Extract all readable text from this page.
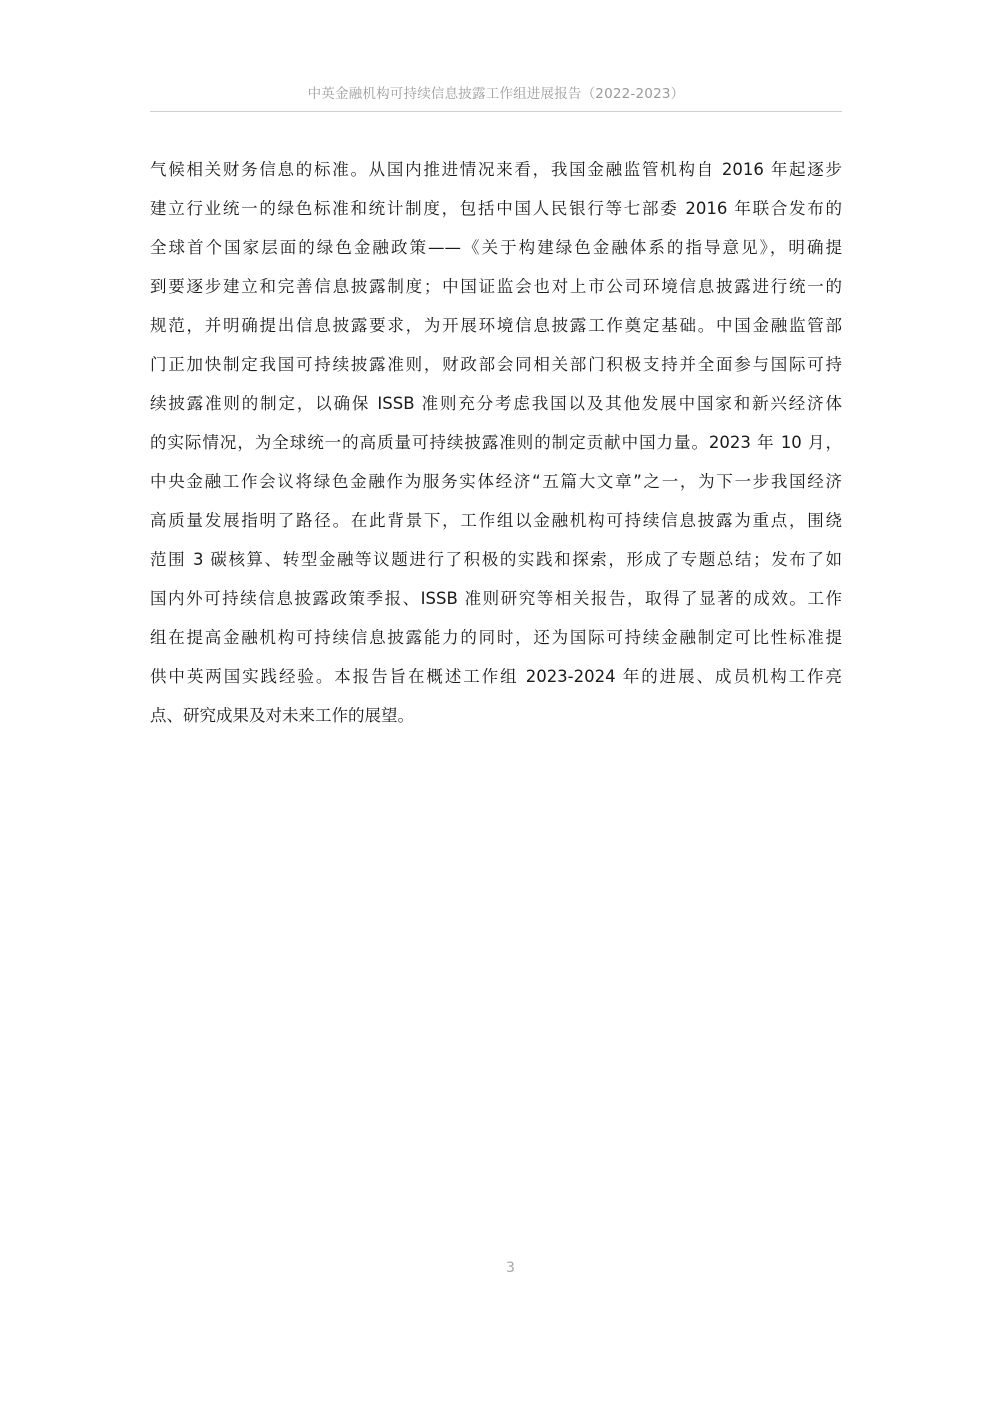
中英金融机构可持续信息披露工作组进展报告（2022-2023）
气候相关财务信息的标准。从国内推进情况来看，我国金融监管机构自 2016 年起逐步
建立行业统一的绿色标准和统计制度，包括中国人民银行等七部委 2016 年联合发布的
全球首个国家层面的绿色金融政策——《关于构建绿色金融体系的指导意见》，明确提
到要逐步建立和完善信息披露制度；中国证监会也对上市公司环境信息披露进行统一的
规范，并明确提出信息披露要求，为开展环境信息披露工作奠定基础。中国金融监管部
门正加快制定我国可持续披露准则，财政部会同相关部门积极支持并全面参与国际可持
续披露准则的制定，以确保 ISSB 准则充分考虑我国以及其他发展中国家和新兴经济体
的实际情况，为全球统一的高质量可持续披露准则的制定贡献中国力量。2023 年 10 月，
中央金融工作会议将绿色金融作为服务实体经济“五篇大文章”之一，为下一步我国经济
高质量发展指明了路径。在此背景下，工作组以金融机构可持续信息披露为重点，围绕
范围 3 碳核算、转型金融等议题进行了积极的实践和探索，形成了专题总结；发布了如
国内外可持续信息披露政策季报、ISSB 准则研究等相关报告，取得了显著的成效。工作
组在提高金融机构可持续信息披露能力的同时，还为国际可持续金融制定可比性标准提
供中英两国实践经验。本报告旨在概述工作组 2023-2024 年的进展、成员机构工作亮
点、研究成果及对未来工作的展望。
3
